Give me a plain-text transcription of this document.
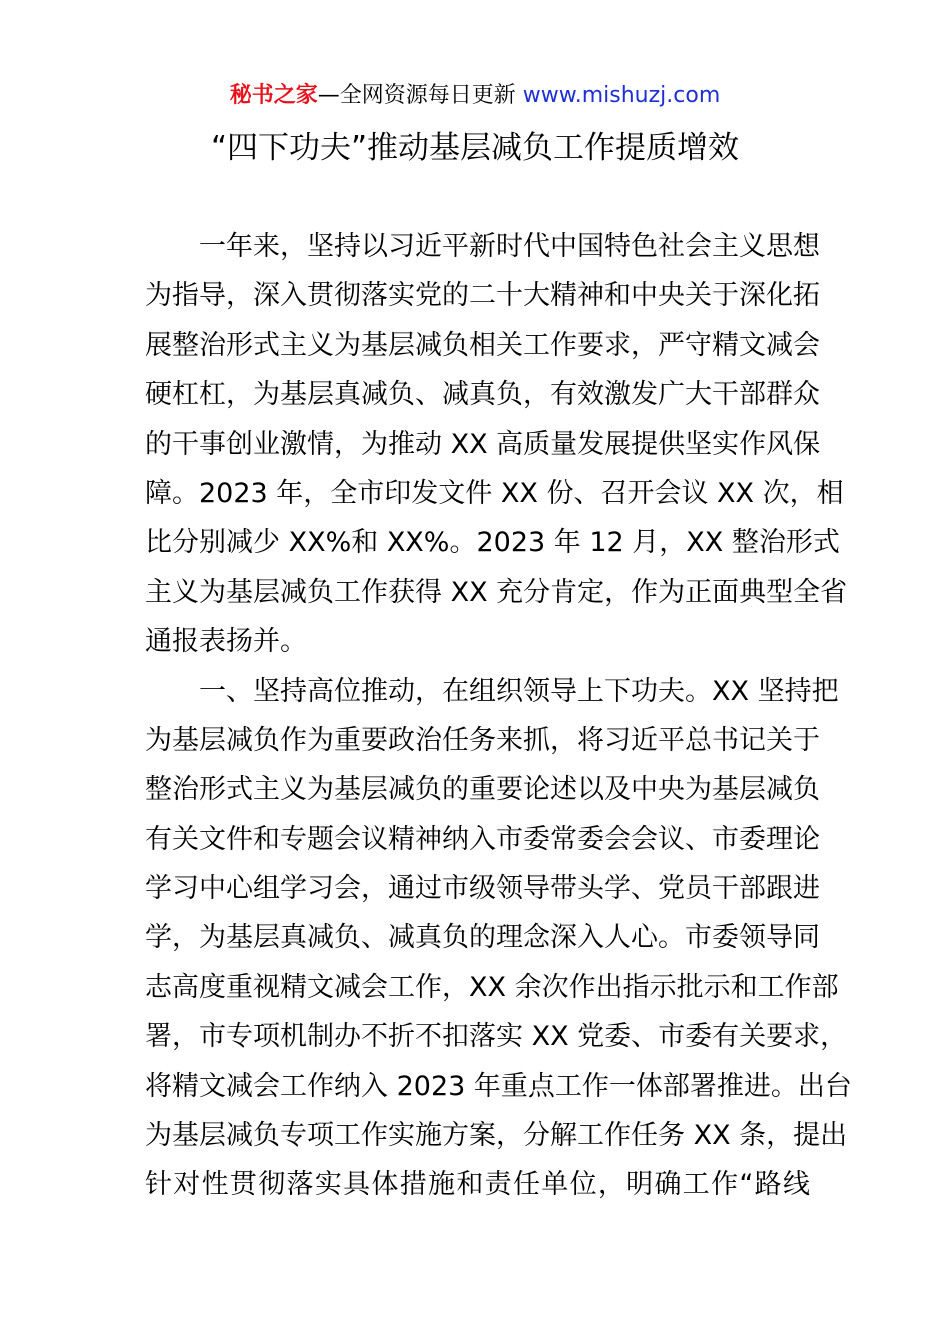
秘书之家—全网资源每日更新 www.mishuzj.com
“四下功夫”推动基层减负工作提质增效
一年来，坚持以习近平新时代中国特色社会主义思想
为指导，深入贯彻落实党的二十大精神和中央关于深化拓
展整治形式主义为基层减负相关工作要求，严守精文减会
硬杠杠，为基层真减负、减真负，有效激发广大干部群众
的干事创业激情，为推动 XX 高质量发展提供坚实作风保
障。2023 年，全市印发文件 XX 份、召开会议 XX 次，相
比分别减少 XX%和 XX%。2023 年 12 月，XX 整治形式
主义为基层减负工作获得 XX 充分肯定，作为正面典型全省
通报表扬并。
一、坚持高位推动，在组织领导上下功夫。XX 坚持把
为基层减负作为重要政治任务来抓，将习近平总书记关于
整治形式主义为基层减负的重要论述以及中央为基层减负
有关文件和专题会议精神纳入市委常委会会议、市委理论
学习中心组学习会，通过市级领导带头学、党员干部跟进
学，为基层真减负、减真负的理念深入人心。市委领导同
志高度重视精文减会工作，XX 余次作出指示批示和工作部
署，市专项机制办不折不扣落实 XX 党委、市委有关要求，
将精文减会工作纳入 2023 年重点工作一体部署推进。出台
为基层减负专项工作实施方案，分解工作任务 XX 条，提出
针对性贯彻落实具体措施和责任单位，明确工作“路线
